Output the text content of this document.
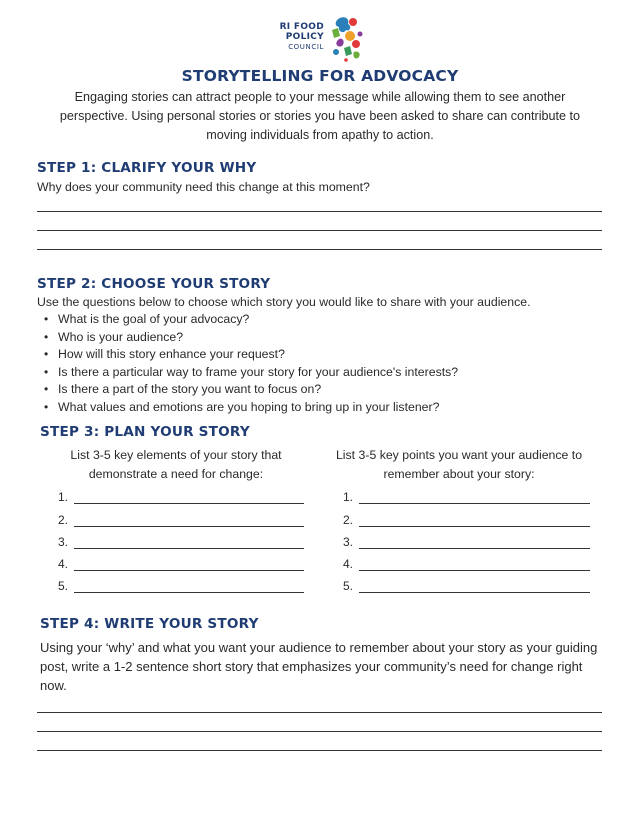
RI FOOD
POLICY
COUNCIL
STORYTELLING FOR ADVOCACY
Engaging stories can attract people to your message while allowing them to see another perspective. Using personal stories or stories you have been asked to share can contribute to moving individuals from apathy to action.
STEP 1: CLARIFY YOUR WHY
Why does your community need this change at this moment?
STEP 2: CHOOSE YOUR STORY
Use the questions below to choose which story you would like to share with your audience.
• What is the goal of your advocacy?
• Who is your audience?
• How will this story enhance your request?
• Is there a particular way to frame your story for your audience's interests?
• Is there a part of the story you want to focus on?
• What values and emotions are you hoping to bring up in your listener?
STEP 3: PLAN YOUR STORY
List 3-5 key elements of your story that demonstrate a need for change:
List 3-5 key points you want your audience to remember about your story:
1.
2.
3.
4.
5.
1.
2.
3.
4.
5.
STEP 4: WRITE YOUR STORY
Using your ‘why’ and what you want your audience to remember about your story as your guiding post, write a 1-2 sentence short story that emphasizes your community’s need for change right now.
